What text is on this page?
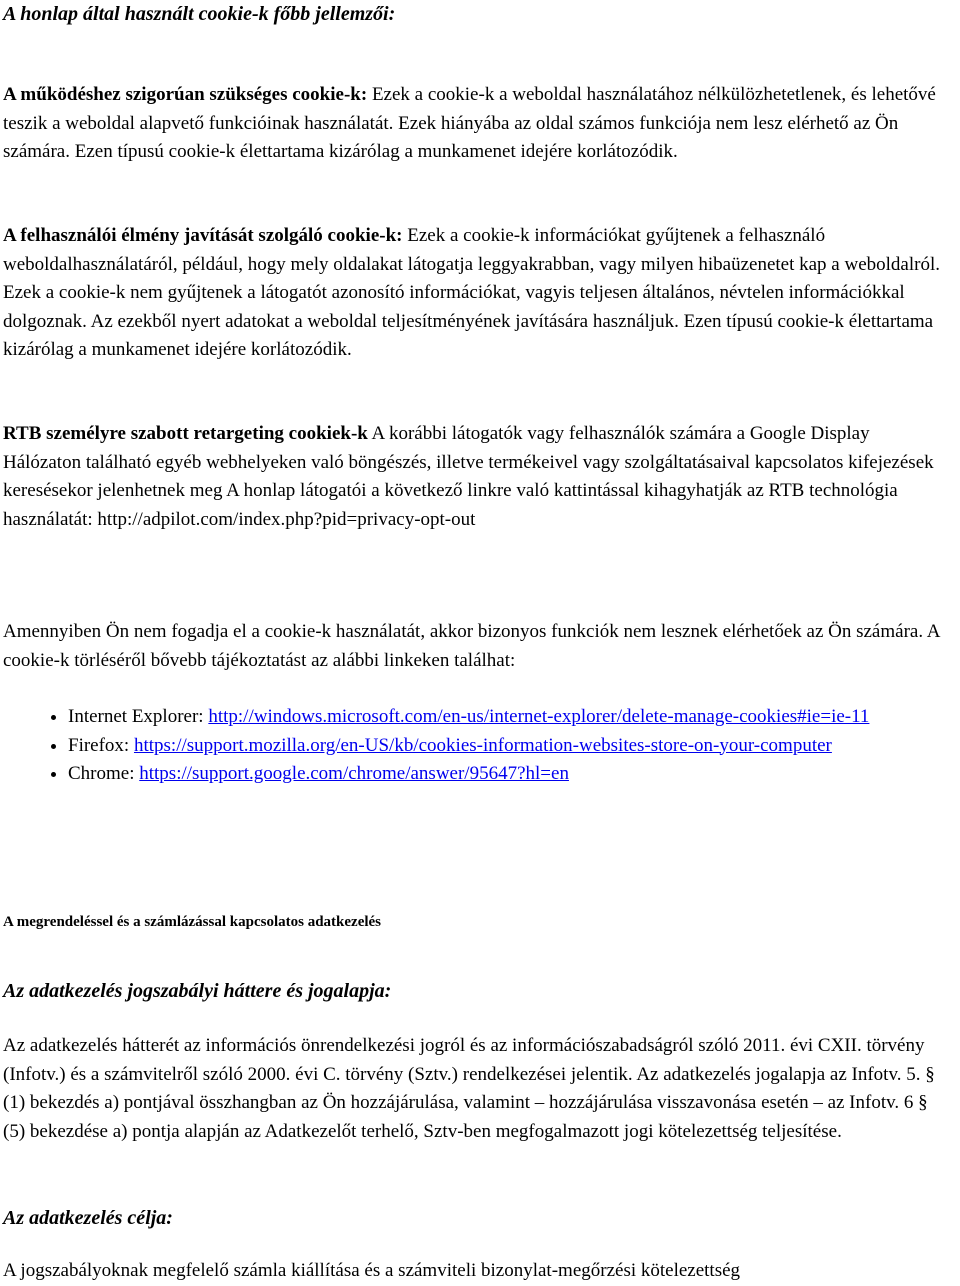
A honlap által használt cookie-k főbb jellemzői:

A működéshez szigorúan szükséges cookie-k: Ezek a cookie-k a weboldal használatához nélkülözhetetlenek, és lehetővé teszik a weboldal alapvető funkcióinak használatát. Ezek hiányába az oldal számos funkciója nem lesz elérhető az Ön számára. Ezen típusú cookie-k élettartama kizárólag a munkamenet idejére korlátozódik.

A felhasználói élmény javítását szolgáló cookie-k: Ezek a cookie-k információkat gyűjtenek a felhasználó weboldalhasználatáról, például, hogy mely oldalakat látogatja leggyakrabban, vagy milyen hibaüzenetet kap a weboldalról. Ezek a cookie-k nem gyűjtenek a látogatót azonosító információkat, vagyis teljesen általános, névtelen információkkal dolgoznak. Az ezekből nyert adatokat a weboldal teljesítményének javítására használjuk. Ezen típusú cookie-k élettartama kizárólag a munkamenet idejére korlátozódik.

RTB személyre szabott retargeting cookiek-k A korábbi látogatók vagy felhasználók számára a Google Display Hálózaton található egyéb webhelyeken való böngészés, illetve termékeivel vagy szolgáltatásaival kapcsolatos kifejezések keresésekor jelenhetnek meg A honlap látogatói a következő linkre való kattintással kihagyhatják az RTB technológia használatát: http://adpilot.com/index.php?pid=privacy-opt-out

Amennyiben Ön nem fogadja el a cookie-k használatát, akkor bizonyos funkciók nem lesznek elérhetőek az Ön számára. A cookie-k törléséről bővebb tájékoztatást az alábbi linkeken találhat:

• Internet Explorer: http://windows.microsoft.com/en-us/internet-explorer/delete-manage-cookies#ie=ie-11
• Firefox: https://support.mozilla.org/en-US/kb/cookies-information-websites-store-on-your-computer
• Chrome: https://support.google.com/chrome/answer/95647?hl=en
A megrendeléssel és a számlázással kapcsolatos adatkezelés
Az adatkezelés jogszabályi háttere és jogalapja:

Az adatkezelés hátterét az információs önrendelkezési jogról és az információszabadságról szóló 2011. évi CXII. törvény (Infotv.) és a számvitelről szóló 2000. évi C. törvény (Sztv.) rendelkezései jelentik. Az adatkezelés jogalapja az Infotv. 5. § (1) bekezdés a) pontjával összhangban az Ön hozzájárulása, valamint – hozzájárulása visszavonása esetén – az Infotv. 6 § (5) bekezdése a) pontja alapján az Adatkezelőt terhelő, Sztv-ben megfogalmazott jogi kötelezettség teljesítése.

Az adatkezelés célja:

A jogszabályoknak megfelelő számla kiállítása és a számviteli bizonylat-megőrzési kötelezettség
